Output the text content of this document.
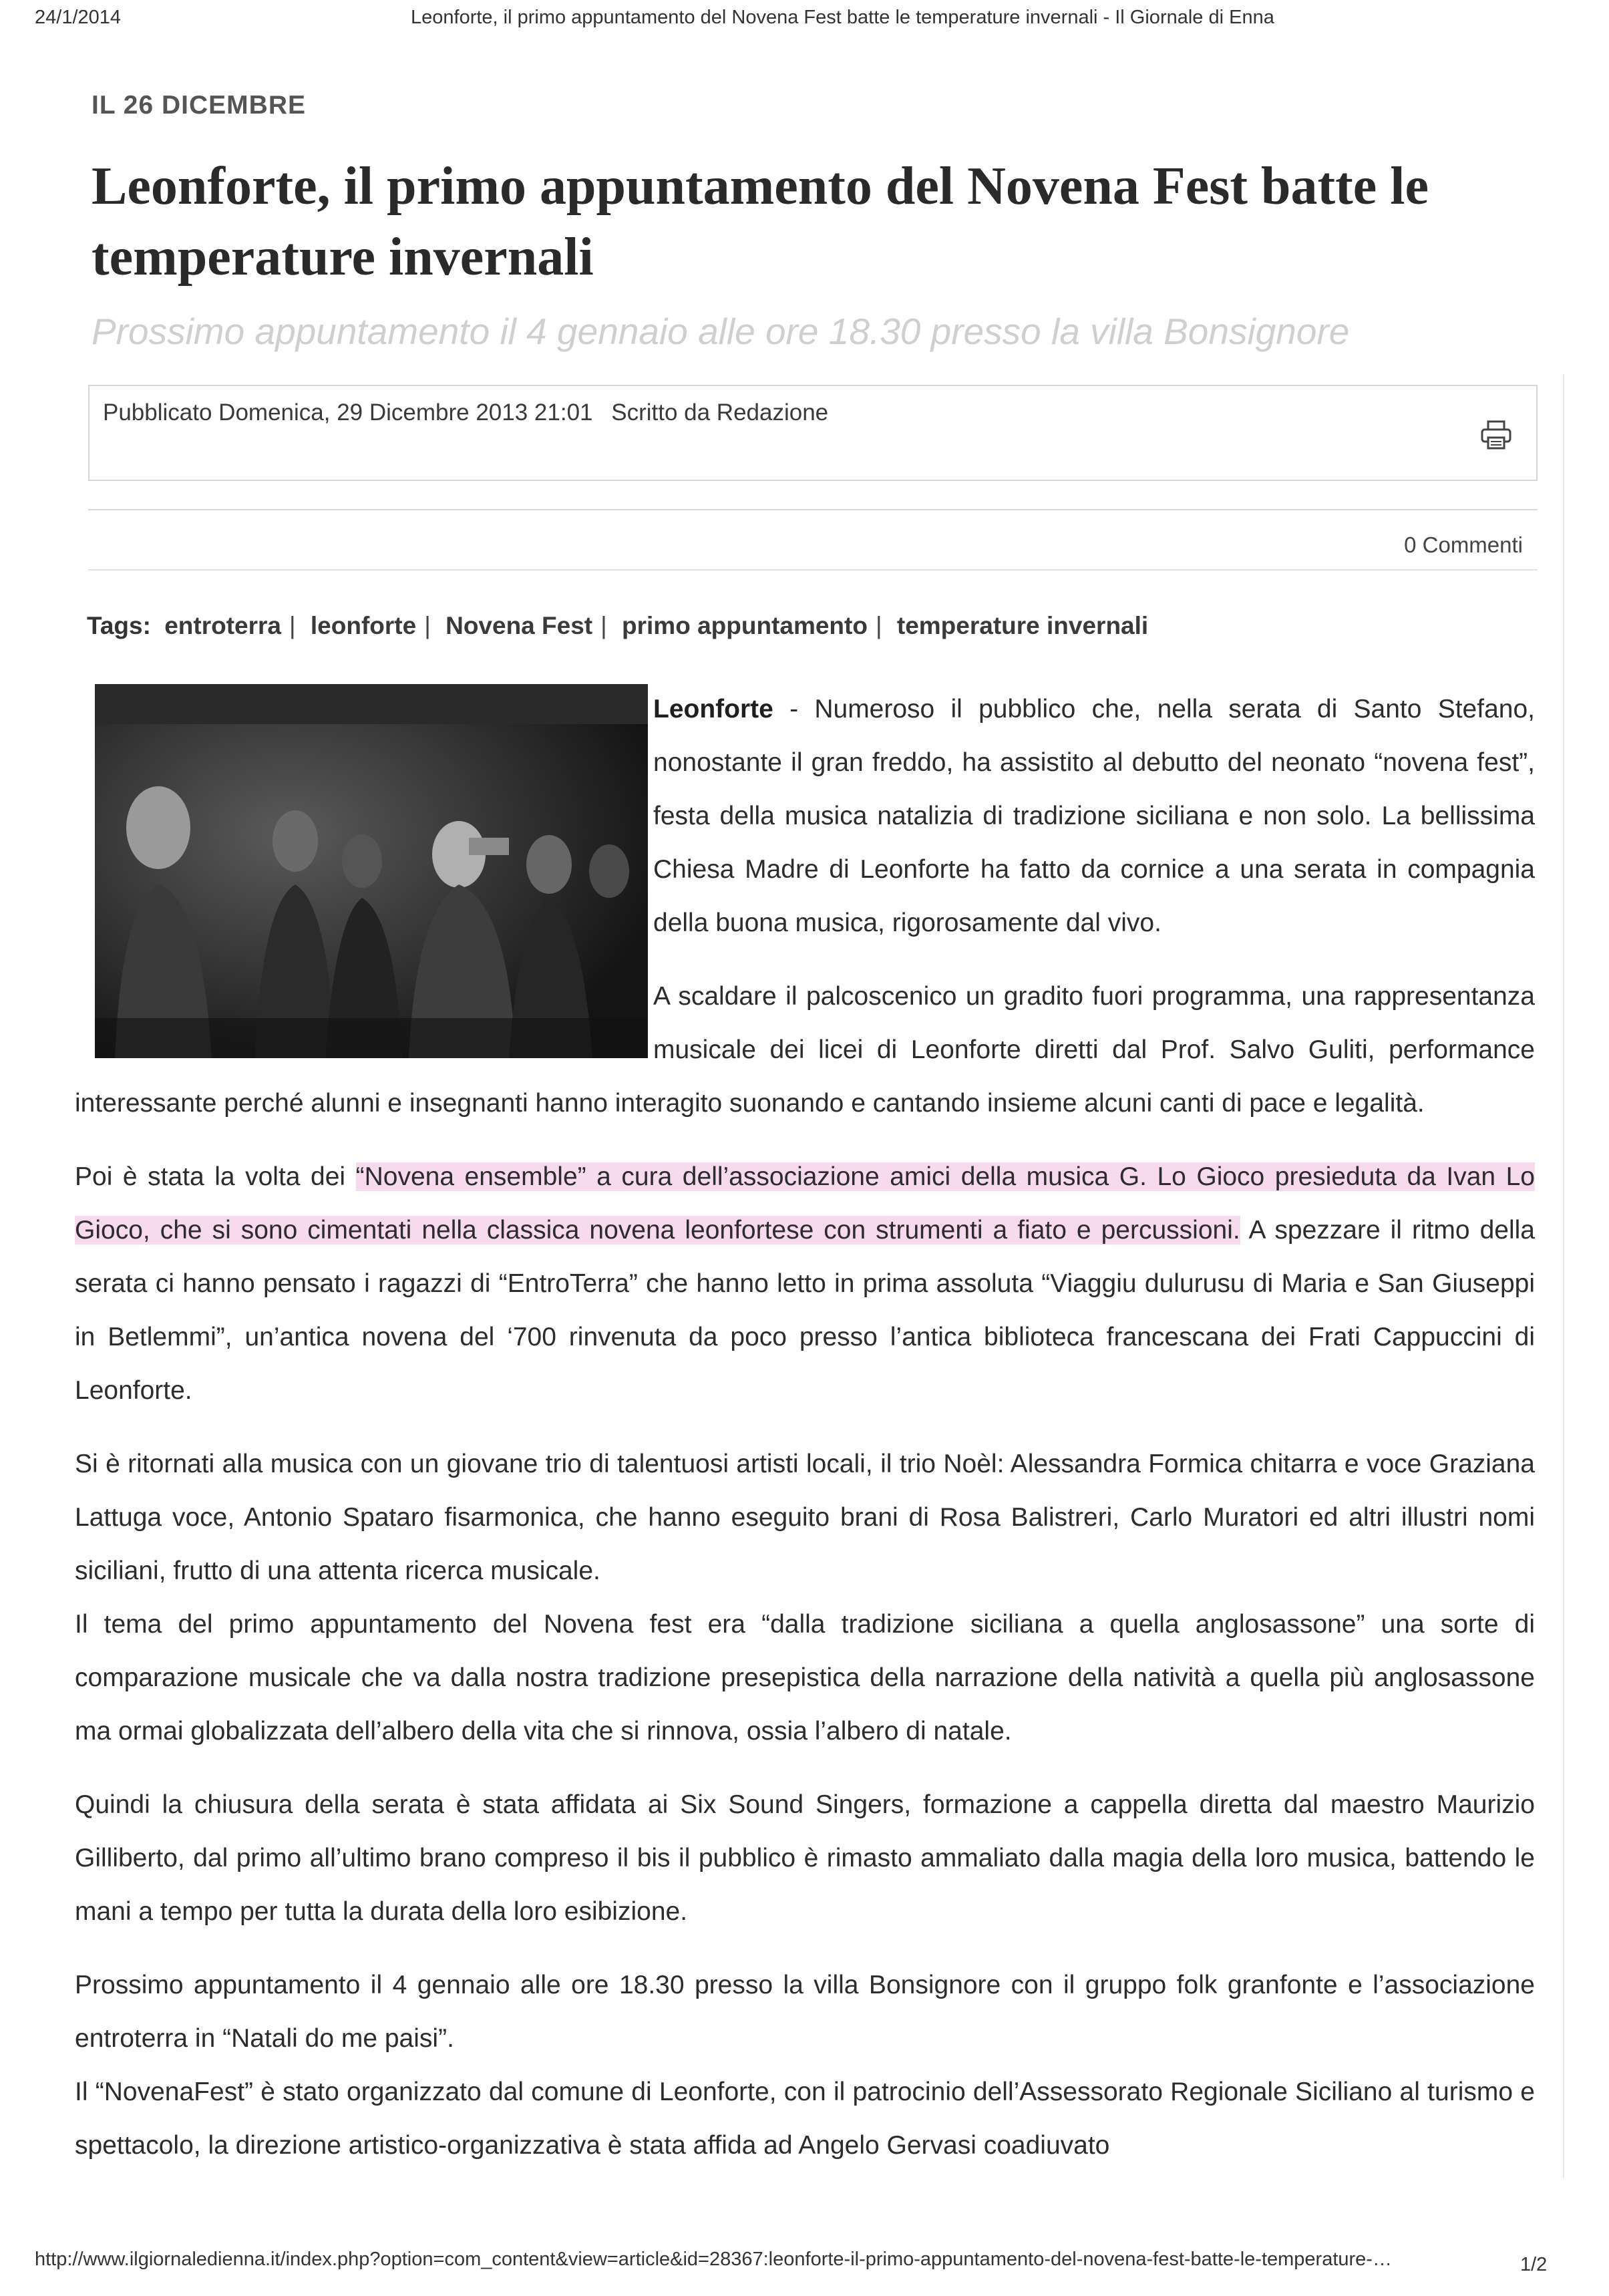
24/1/2014	Leonforte, il primo appuntamento del Novena Fest batte le temperature invernali - Il Giornale di Enna
IL 26 DICEMBRE
Leonforte, il primo appuntamento del Novena Fest batte le temperature invernali
Prossimo appuntamento il 4 gennaio alle ore 18.30 presso la villa Bonsignore
Pubblicato Domenica, 29 Dicembre 2013 21:01 Scritto da Redazione
0 Commenti
Tags: entroterra | leonforte | Novena Fest | primo appuntamento | temperature invernali

Leonforte - Numeroso il pubblico che, nella serata di Santo Stefano, nonostante il gran freddo, ha assistito al debutto del neonato “novena fest”, festa della musica natalizia di tradizione siciliana e non solo. La bellissima Chiesa Madre di Leonforte ha fatto da cornice a una serata in compagnia della buona musica, rigorosamente dal vivo.

A scaldare il palcoscenico un gradito fuori programma, una rappresentanza musicale dei licei di Leonforte diretti dal Prof. Salvo Guliti, performance interessante perché alunni e insegnanti hanno interagito suonando e cantando insieme alcuni canti di pace e legalità.

Poi è stata la volta dei “Novena ensemble” a cura dell’associazione amici della musica G. Lo Gioco presieduta da Ivan Lo Gioco, che si sono cimentati nella classica novena leonfortese con strumenti a fiato e percussioni. A spezzare il ritmo della serata ci hanno pensato i ragazzi di “EntroTerra” che hanno letto in prima assoluta “Viaggiu dulurusu di Maria e San Giuseppi in Betlemmi”, un’antica novena del ‘700 rinvenuta da poco presso l’antica biblioteca francescana dei Frati Cappuccini di Leonforte.

Si è ritornati alla musica con un giovane trio di talentuosi artisti locali, il trio Noèl: Alessandra Formica chitarra e voce Graziana Lattuga voce, Antonio Spataro fisarmonica, che hanno eseguito brani di Rosa Balistreri, Carlo Muratori ed altri illustri nomi siciliani, frutto di una attenta ricerca musicale.

Il tema del primo appuntamento del Novena fest era “dalla tradizione siciliana a quella anglosassone” una sorte di comparazione musicale che va dalla nostra tradizione presepistica della narrazione della natività a quella più anglosassone ma ormai globalizzata dell’albero della vita che si rinnova, ossia l’albero di natale.

Quindi la chiusura della serata è stata affidata ai Six Sound Singers, formazione a cappella diretta dal maestro Maurizio Gilliberto, dal primo all’ultimo brano compreso il bis il pubblico è rimasto ammaliato dalla magia della loro musica, battendo le mani a tempo per tutta la durata della loro esibizione.

Prossimo appuntamento il 4 gennaio alle ore 18.30 presso la villa Bonsignore con il gruppo folk granfonte e l’associazione entroterra in “Natali do me paisi”.

Il “NovenaFest” è stato organizzato dal comune di Leonforte, con il patrocinio dell’Assessorato Regionale Siciliano al turismo e spettacolo, la direzione artistico-organizzativa è stata affida ad Angelo Gervasi coadiuvato

http://www.ilgiornaledienna.it/index.php?option=com_content&view=article&id=28367:leonforte-il-primo-appuntamento-del-novena-fest-batte-le-temperature-…	1/2
